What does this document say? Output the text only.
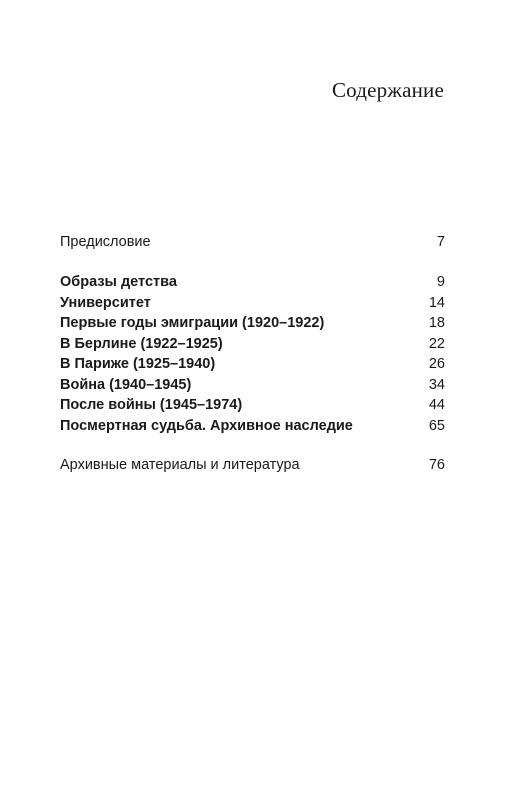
Содержание
Предисловие	7
Образы детства	9
Университет	14
Первые годы эмиграции (1920–1922)	18
В Берлине (1922–1925)	22
В Париже (1925–1940)	26
Война (1940–1945)	34
После войны (1945–1974)	44
Посмертная судьба. Архивное наследие	65
Архивные материалы и литература	76
